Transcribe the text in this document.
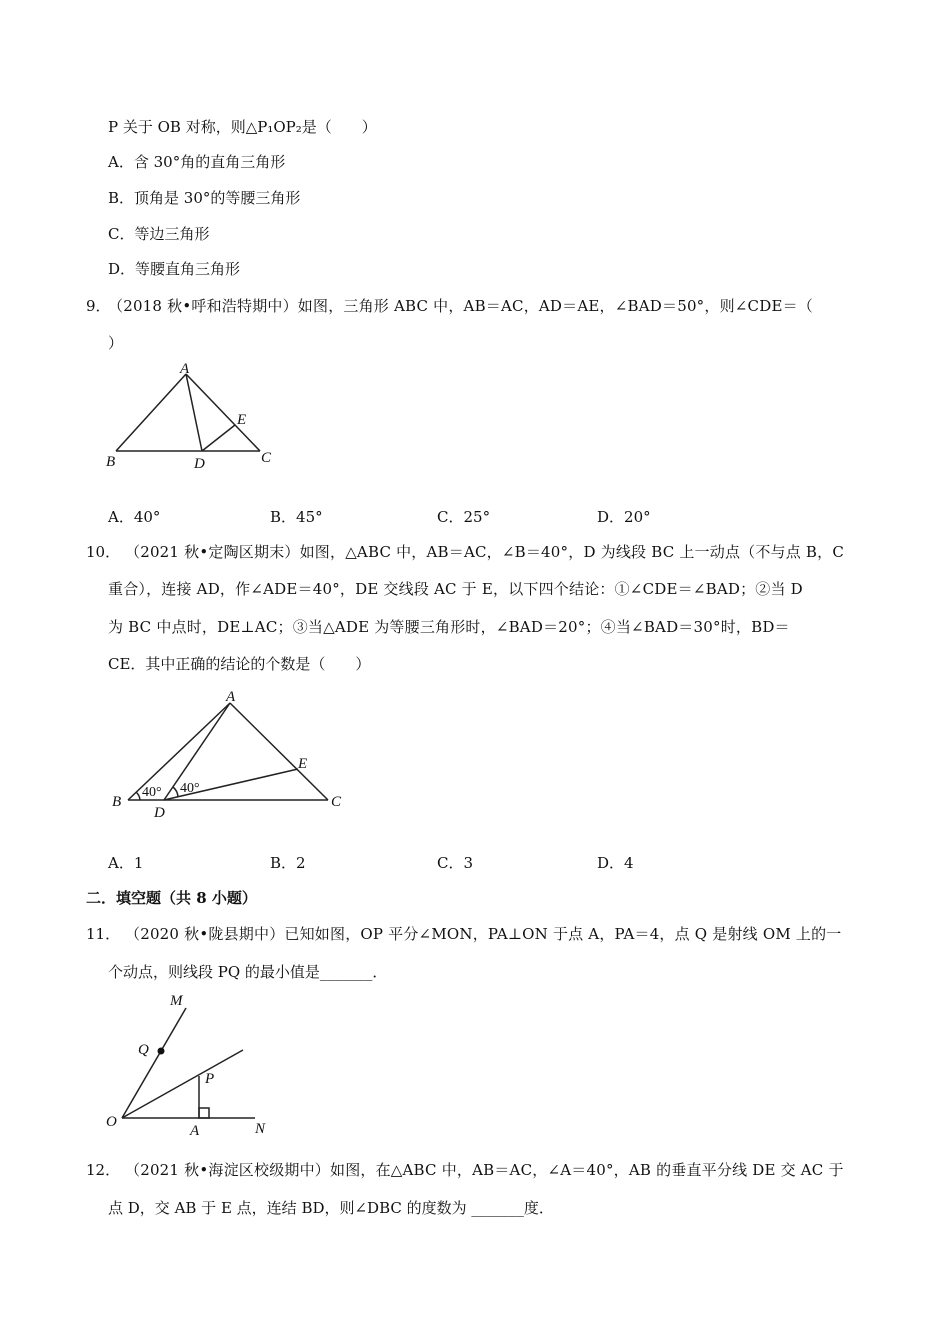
P 关于 OB 对称，则△P₁OP₂是（　　）
A．含 30°角的直角三角形
B．顶角是 30°的等腰三角形
C．等边三角形
D．等腰直角三角形
9．
（2018 秋•呼和浩特期中）如图，三角形 ABC 中，AB＝AC，AD＝AE，∠BAD＝50°，则∠CDE＝（
）
A
B	C
D
E
A．40°	B．45°	C．25°	D．20°
10． （2021 秋•定陶区期末）如图，△ABC 中，AB＝AC，∠B＝40°，D 为线段 BC 上一动点（不与点 B，C
重合），连接 AD，作∠ADE＝40°，DE 交线段 AC 于 E，以下四个结论：①∠CDE＝∠BAD；②当 D
为 BC 中点时，DE⊥AC；③当△ADE 为等腰三角形时，∠BAD＝20°；④当∠BAD＝30°时，BD＝
CE．其中正确的结论的个数是（　　）
A
B	C
D
E
40° 40°
A．1	B．2	C．3	D．4
二．填空题（共 8 小题）
11． （2020 秋•陇县期中）已知如图，OP 平分∠MON，PA⊥ON 于点 A，PA＝4，点 Q 是射线 OM 上的一
个动点，则线段 PQ 的最小值是_______．
M
Q
P
O
A	N
12． （2021 秋•海淀区校级期中）如图，在△ABC 中，AB＝AC，∠A＝40°，AB 的垂直平分线 DE 交 AC 于
点 D，交 AB 于 E 点，连结 BD，则∠DBC 的度数为 _______度．
